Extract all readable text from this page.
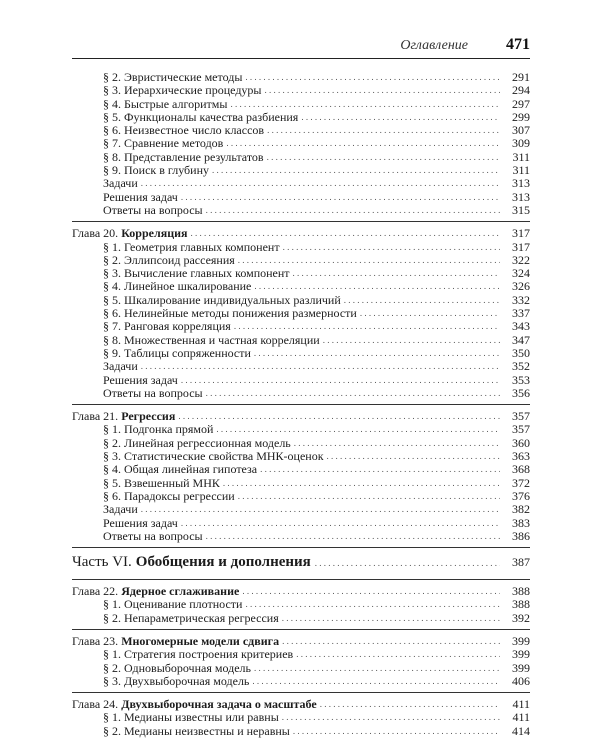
Оглавление 471
§ 2. Эвристические методы . . .	291
§ 3. Иерархические процедуры . . .	294
§ 4. Быстрые алгоритмы . . .	297
§ 5. Функционалы качества разбиения . . .	299
§ 6. Неизвестное число классов . . .	307
§ 7. Сравнение методов . . .	309
§ 8. Представление результатов . . .	311
§ 9. Поиск в глубину . . .	311
Задачи . . .	313
Решения задач . . .	313
Ответы на вопросы . . .	315
Глава 20. Корреляция . . .	317
§ 1. Геометрия главных компонент . . .	317
§ 2. Эллипсоид рассеяния . . .	322
§ 3. Вычисление главных компонент . . .	324
§ 4. Линейное шкалирование . . .	326
§ 5. Шкалирование индивидуальных различий . . .	332
§ 6. Нелинейные методы понижения размерности . . .	337
§ 7. Ранговая корреляция . . .	343
§ 8. Множественная и частная корреляции . . .	347
§ 9. Таблицы сопряженности . . .	350
Задачи . . .	352
Решения задач . . .	353
Ответы на вопросы . . .	356
Глава 21. Регрессия . . .	357
§ 1. Подгонка прямой . . .	357
§ 2. Линейная регрессионная модель . . .	360
§ 3. Статистические свойства МНК-оценок . . .	363
§ 4. Общая линейная гипотеза . . .	368
§ 5. Взвешенный МНК . . .	372
§ 6. Парадоксы регрессии . . .	376
Задачи . . .	382
Решения задач . . .	383
Ответы на вопросы . . .	386
Часть VI. Обобщения и дополнения . . .	387
Глава 22. Ядерное сглаживание . . .	388
§ 1. Оценивание плотности . . .	388
§ 2. Непараметрическая регрессия . . .	392
Глава 23. Многомерные модели сдвига . . .	399
§ 1. Стратегия построения критериев . . .	399
§ 2. Одновыборочная модель . . .	399
§ 3. Двухвыборочная модель . . .	406
Глава 24. Двухвыборочная задача о масштабе . . .	411
§ 1. Медианы известны или равны . . .	411
§ 2. Медианы неизвестны и неравны . . .	414
